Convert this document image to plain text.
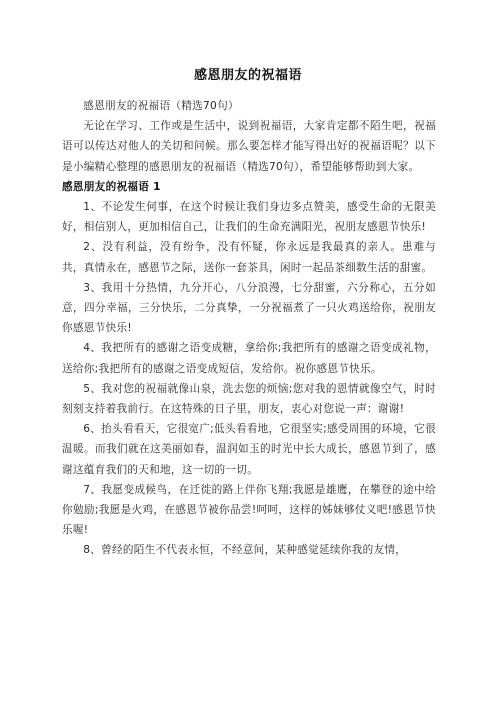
感恩朋友的祝福语

感恩朋友的祝福语（精选70句）

无论在学习、工作或是生活中，说到祝福语，大家肯定都不陌生吧，祝福语可以传达对他人的关切和问候。那么要怎样才能写得出好的祝福语呢？以下是小编精心整理的感恩朋友的祝福语（精选70句），希望能够帮助到大家。

感恩朋友的祝福语 1

1、不论发生何事，在这个时候让我们身边多点赞美，感受生命的无限美好，相信别人，更加相信自己，让我们的生命充满阳光，祝朋友感恩节快乐!

2、没有利益，没有纷争，没有怀疑，你永远是我最真的亲人。患难与共，真情永在，感恩节之际，送你一套茶具，闲时一起品茶细数生活的甜蜜。

3、我用十分热情，九分开心，八分浪漫，七分甜蜜，六分称心，五分如意，四分幸福，三分快乐，二分真挚，一分祝福煮了一只火鸡送给你，祝朋友你感恩节快乐!

4、我把所有的感谢之语变成糖，拿给你;我把所有的感谢之语变成礼物，送给你;我把所有的感谢之语变成短信，发给你。祝你感恩节快乐。

5、我对您的祝福就像山泉，洗去您的烦恼;您对我的恩情就像空气，时时刻刻支持着我前行。在这特殊的日子里，朋友，衷心对您说一声：谢谢!

6、抬头看看天，它很宽广;低头看看地，它很坚实;感受周围的环境，它很温暖。而我们就在这美丽如春，温润如玉的时光中长大成长，感恩节到了，感谢这蕴育我们的天和地，这一切的一切。

7、我愿变成候鸟，在迁徙的路上伴你飞翔;我愿是雄鹰，在攀登的途中给你勉励;我愿是火鸡，在感恩节被你品尝!呵呵，这样的姊妹够仗义吧!感恩节快乐喔!

8、曾经的陌生不代表永恒，不经意间，某种感觉延续你我的友情，
